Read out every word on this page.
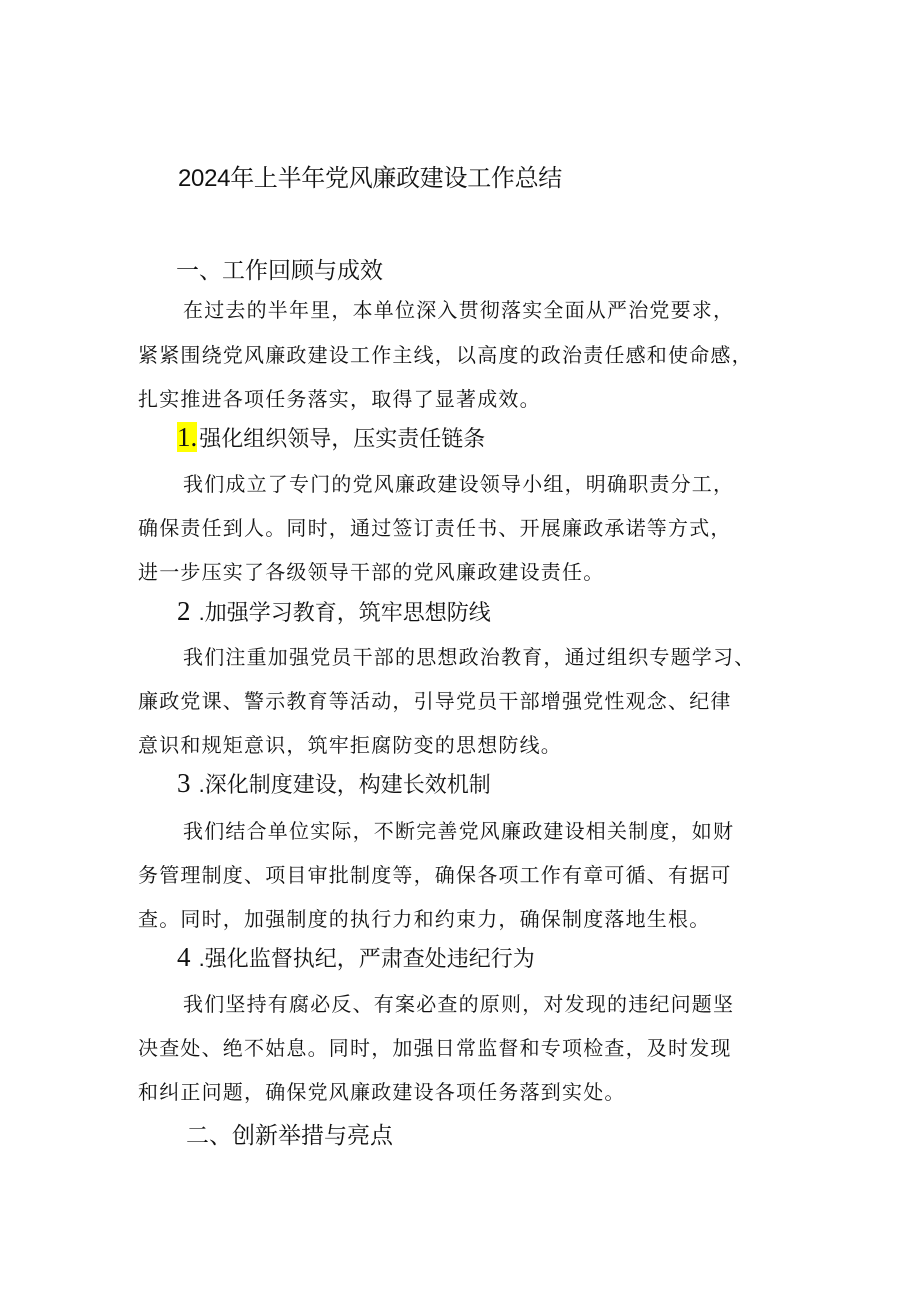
2024年上半年党风廉政建设工作总结
一、工作回顾与成效
在过去的半年里，本单位深入贯彻落实全面从严治党要求，
紧紧围绕党风廉政建设工作主线，以高度的政治责任感和使命感，
扎实推进各项任务落实，取得了显著成效。
1.强化组织领导，压实责任链条
我们成立了专门的党风廉政建设领导小组，明确职责分工，
确保责任到人。同时，通过签订责任书、开展廉政承诺等方式，
进一步压实了各级领导干部的党风廉政建设责任。
2 .加强学习教育，筑牢思想防线
我们注重加强党员干部的思想政治教育，通过组织专题学习、
廉政党课、警示教育等活动，引导党员干部增强党性观念、纪律
意识和规矩意识，筑牢拒腐防变的思想防线。
3 .深化制度建设，构建长效机制
我们结合单位实际，不断完善党风廉政建设相关制度，如财
务管理制度、项目审批制度等，确保各项工作有章可循、有据可
查。同时，加强制度的执行力和约束力，确保制度落地生根。
4 .强化监督执纪，严肃查处违纪行为
我们坚持有腐必反、有案必查的原则，对发现的违纪问题坚
决查处、绝不姑息。同时，加强日常监督和专项检查，及时发现
和纠正问题，确保党风廉政建设各项任务落到实处。
二、创新举措与亮点
